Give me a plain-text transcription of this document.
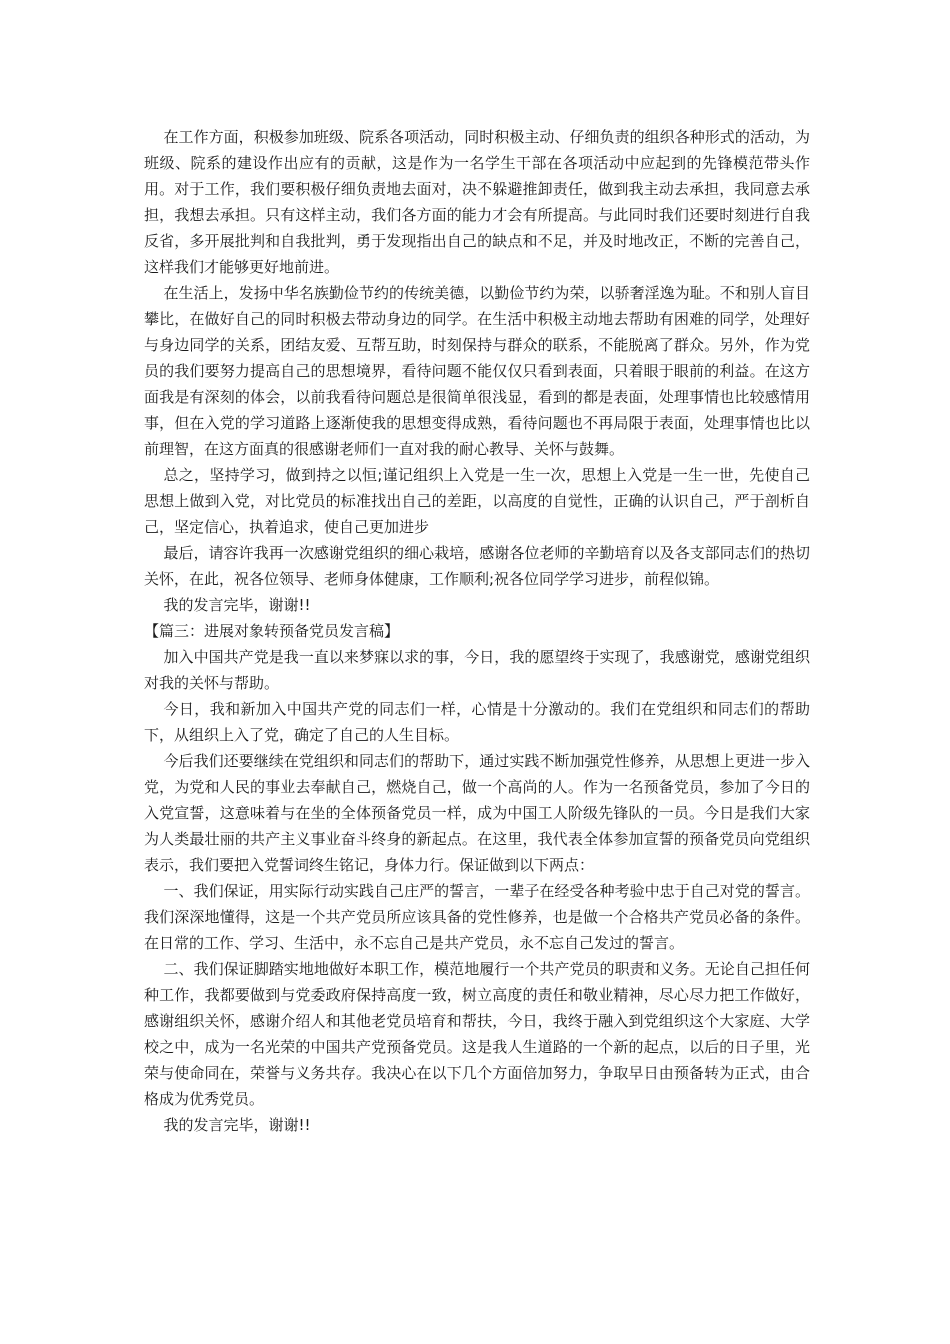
在工作方面，积极参加班级、院系各项活动，同时积极主动、仔细负责的组织各种形式的活动，为班级、院系的建设作出应有的贡献，这是作为一名学生干部在各项活动中应起到的先锋模范带头作用。对于工作，我们要积极仔细负责地去面对，决不躲避推卸责任，做到我主动去承担，我同意去承担，我想去承担。只有这样主动，我们各方面的能力才会有所提高。与此同时我们还要时刻进行自我反省，多开展批判和自我批判，勇于发现指出自己的缺点和不足，并及时地改正，不断的完善自己，这样我们才能够更好地前进。

在生活上，发扬中华名族勤俭节约的传统美德，以勤俭节约为荣，以骄奢淫逸为耻。不和别人盲目攀比，在做好自己的同时积极去带动身边的同学。在生活中积极主动地去帮助有困难的同学，处理好与身边同学的关系，团结友爱、互帮互助，时刻保持与群众的联系，不能脱离了群众。另外，作为党员的我们要努力提高自己的思想境界，看待问题不能仅仅只看到表面，只着眼于眼前的利益。在这方面我是有深刻的体会，以前我看待问题总是很简单很浅显，看到的都是表面，处理事情也比较感情用事，但在入党的学习道路上逐渐使我的思想变得成熟，看待问题也不再局限于表面，处理事情也比以前理智，在这方面真的很感谢老师们一直对我的耐心教导、关怀与鼓舞。

总之，坚持学习，做到持之以恒;谨记组织上入党是一生一次，思想上入党是一生一世，先使自己思想上做到入党，对比党员的标准找出自己的差距，以高度的自觉性，正确的认识自己，严于剖析自己，坚定信心，执着追求，使自己更加进步

最后，请容许我再一次感谢党组织的细心栽培，感谢各位老师的辛勤培育以及各支部同志们的热切关怀，在此，祝各位领导、老师身体健康，工作顺利;祝各位同学学习进步，前程似锦。

我的发言完毕，谢谢!!

【篇三：进展对象转预备党员发言稿】

加入中国共产党是我一直以来梦寐以求的事，今日，我的愿望终于实现了，我感谢党，感谢党组织对我的关怀与帮助。

今日，我和新加入中国共产党的同志们一样，心情是十分激动的。我们在党组织和同志们的帮助下，从组织上入了党，确定了自己的人生目标。

今后我们还要继续在党组织和同志们的帮助下，通过实践不断加强党性修养，从思想上更进一步入党，为党和人民的事业去奉献自己，燃烧自己，做一个高尚的人。作为一名预备党员，参加了今日的入党宣誓，这意味着与在坐的全体预备党员一样，成为中国工人阶级先锋队的一员。今日是我们大家为人类最壮丽的共产主义事业奋斗终身的新起点。在这里，我代表全体参加宣誓的预备党员向党组织表示，我们要把入党誓词终生铭记，身体力行。保证做到以下两点：

一、我们保证，用实际行动实践自己庄严的誓言，一辈子在经受各种考验中忠于自己对党的誓言。我们深深地懂得，这是一个共产党员所应该具备的党性修养，也是做一个合格共产党员必备的条件。在日常的工作、学习、生活中，永不忘自己是共产党员，永不忘自己发过的誓言。

二、我们保证脚踏实地地做好本职工作，模范地履行一个共产党员的职责和义务。无论自己担任何种工作，我都要做到与党委政府保持高度一致，树立高度的责任和敬业精神，尽心尽力把工作做好，感谢组织关怀，感谢介绍人和其他老党员培育和帮扶，今日，我终于融入到党组织这个大家庭、大学校之中，成为一名光荣的中国共产党预备党员。这是我人生道路的一个新的起点，以后的日子里，光荣与使命同在，荣誉与义务共存。我决心在以下几个方面倍加努力，争取早日由预备转为正式，由合格成为优秀党员。

我的发言完毕，谢谢!!
